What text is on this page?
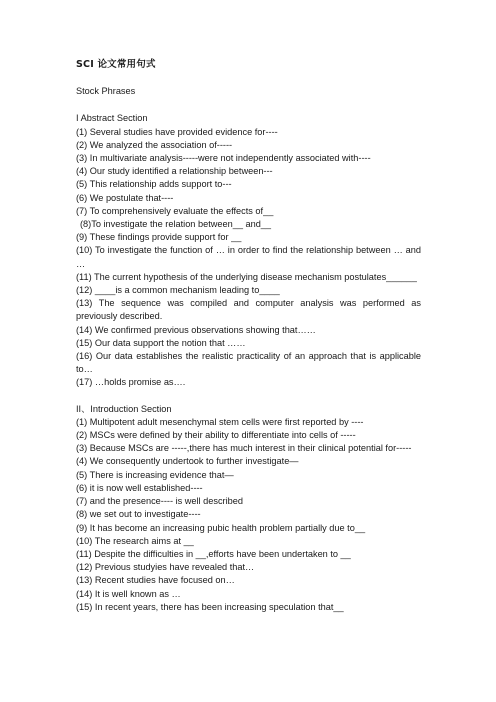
SCI 论文常用句式

Stock Phrases

I Abstract Section

(1) Several studies have provided evidence for----

(2) We analyzed the association of-----

(3) In multivariate analysis-----were not independently associated with----

(4) Our study identified a relationship between---

(5) This relationship adds support to---

(6) We postulate that----

(7) To comprehensively evaluate the effects of__

(8)To investigate the relation between__ and__

(9) These findings provide support for __

(10) To investigate the function of … in order to find the relationship between … and …

(11) The current hypothesis of the underlying disease mechanism postulates______

(12) ____is a common mechanism leading to____

(13) The sequence was compiled and computer analysis was performed as previously described.

(14) We confirmed previous observations showing that……

(15) Our data support the notion that ……

(16) Our data establishes the realistic practicality of an approach that is applicable to…

(17) …holds promise as….

II、Introduction Section

(1) Multipotent adult mesenchymal stem cells were first reported by ----

(2) MSCs were defined by their ability to differentiate into cells of -----

(3) Because MSCs are -----,there has much interest in their clinical potential for-----

(4) We consequently undertook to further investigate—

(5) There is increasing evidence that—

(6) it is now well established----

(7) and the presence---- is well described

(8) we set out to investigate----

(9) It has become an increasing pubic health problem partially due to__

(10) The research aims at __

(11) Despite the difficulties in __,efforts have been undertaken to __

(12) Previous studyies have revealed that…

(13) Recent studies have focused on…

(14) It is well known as …

(15) In recent years, there has been increasing speculation that__
